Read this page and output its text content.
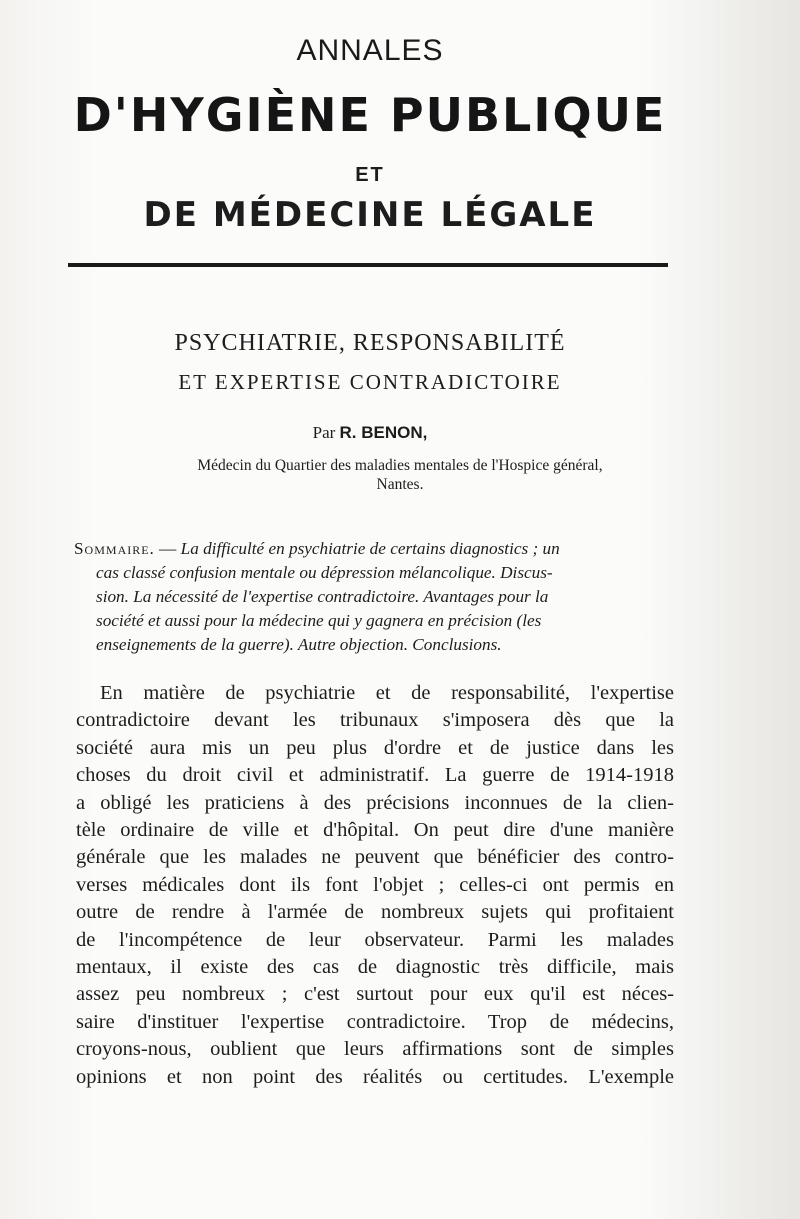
ANNALES
D'HYGIÈNE PUBLIQUE
ET
DE MÉDECINE LÉGALE
PSYCHIATRIE, RESPONSABILITÉ
ET EXPERTISE CONTRADICTOIRE
Par R. BENON,
Médecin du Quartier des maladies mentales de l'Hospice général,
Nantes.
Sommaire. — La difficulté en psychiatrie de certains diagnostics ; un
cas classé confusion mentale ou dépression mélancolique. Discus-
sion. La nécessité de l'expertise contradictoire. Avantages pour la
société et aussi pour la médecine qui y gagnera en précision (les
enseignements de la guerre). Autre objection. Conclusions.
En matière de psychiatrie et de responsabilité, l'expertise
contradictoire devant les tribunaux s'imposera dès que la
société aura mis un peu plus d'ordre et de justice dans les
choses du droit civil et administratif. La guerre de 1914-1918
a obligé les praticiens à des précisions inconnues de la clien-
tèle ordinaire de ville et d'hôpital. On peut dire d'une manière
générale que les malades ne peuvent que bénéficier des contro-
verses médicales dont ils font l'objet ; celles-ci ont permis en
outre de rendre à l'armée de nombreux sujets qui profitaient
de l'incompétence de leur observateur. Parmi les malades
mentaux, il existe des cas de diagnostic très difficile, mais
assez peu nombreux ; c'est surtout pour eux qu'il est néces-
saire d'instituer l'expertise contradictoire. Trop de médecins,
croyons-nous, oublient que leurs affirmations sont de simples
opinions et non point des réalités ou certitudes. L'exemple
